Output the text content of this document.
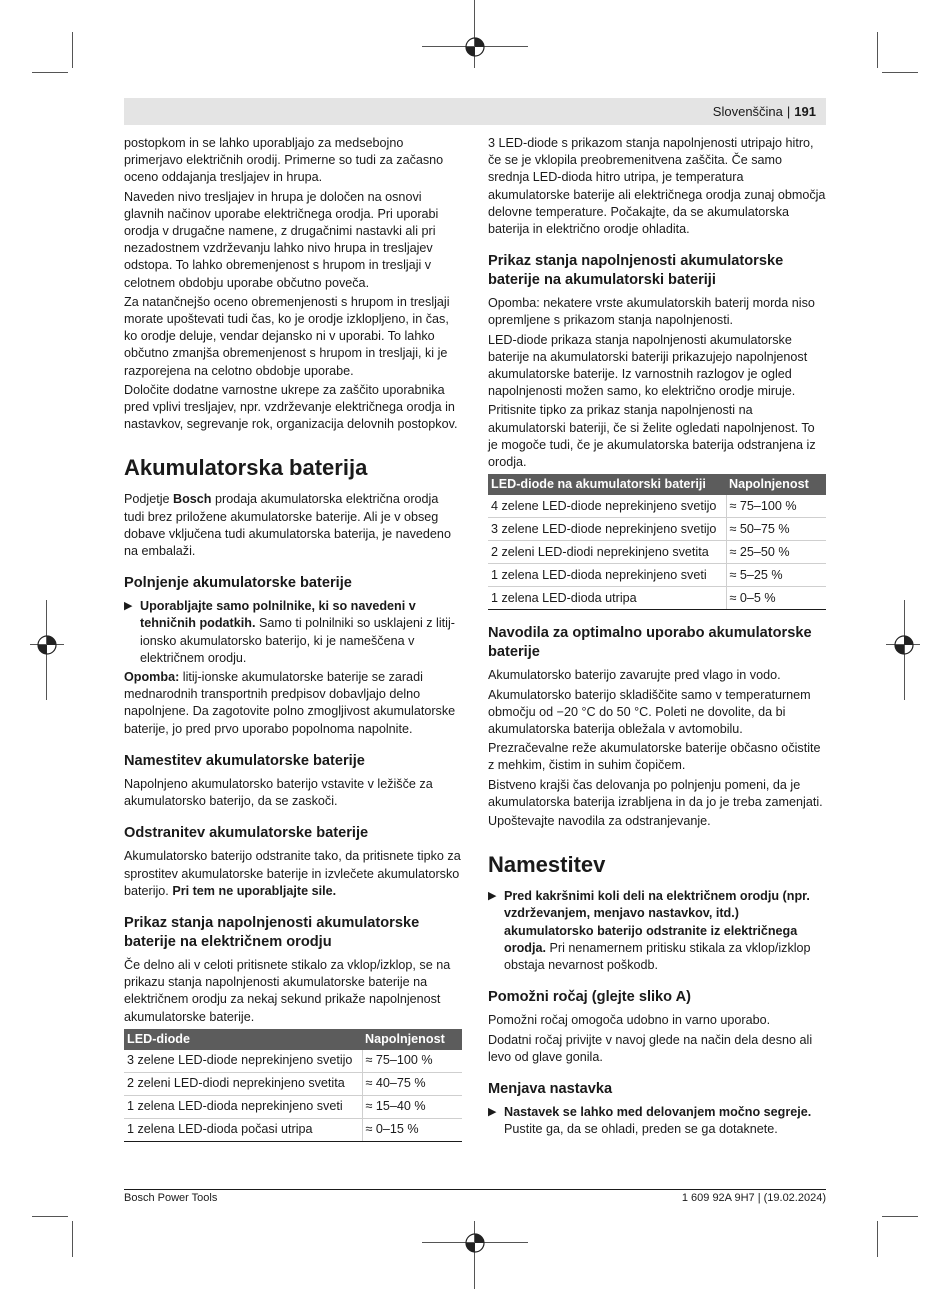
Slovenščina | 191

postopkom in se lahko uporabljajo za medsebojno primerjavo električnih orodij. Primerne so tudi za začasno oceno oddajanja tresljajev in hrupa.

Naveden nivo tresljajev in hrupa je določen na osnovi glavnih načinov uporabe električnega orodja. Pri uporabi orodja v drugačne namene, z drugačnimi nastavki ali pri nezadostnem vzdrževanju lahko nivo hrupa in tresljajev odstopa. To lahko obremenjenost s hrupom in tresljaji v celotnem obdobju uporabe občutno poveča.

Za natančnejšo oceno obremenjenosti s hrupom in tresljaji morate upoštevati tudi čas, ko je orodje izklopljeno, in čas, ko orodje deluje, vendar dejansko ni v uporabi. To lahko občutno zmanjša obremenjenost s hrupom in tresljaji, ki je razporejena na celotno obdobje uporabe.

Določite dodatne varnostne ukrepe za zaščito uporabnika pred vplivi tresljajev, npr. vzdrževanje električnega orodja in nastavkov, segrevanje rok, organizacija delovnih postopkov.

Akumulatorska baterija

Podjetje Bosch prodaja akumulatorska električna orodja tudi brez priložene akumulatorske baterije. Ali je v obseg dobave vključena tudi akumulatorska baterija, je navedeno na embalaži.

Polnjenje akumulatorske baterije
▶ Uporabljajte samo polnilnike, ki so navedeni v tehničnih podatkih. Samo ti polnilniki so usklajeni z litij-ionsko akumulatorsko baterijo, ki je nameščena v električnem orodju.

Opomba: litij-ionske akumulatorske baterije se zaradi mednarodnih transportnih predpisov dobavljajo delno napolnjene. Da zagotovite polno zmogljivost akumulatorske baterije, jo pred prvo uporabo popolnoma napolnite.

Namestitev akumulatorske baterije

Napolnjeno akumulatorsko baterijo vstavite v ležišče za akumulatorsko baterijo, da se zaskoči.

Odstranitev akumulatorske baterije

Akumulatorsko baterijo odstranite tako, da pritisnete tipko za sprostitev akumulatorske baterije in izvlečete akumulatorsko baterijo. Pri tem ne uporabljajte sile.

Prikaz stanja napolnjenosti akumulatorske baterije na električnem orodju

Če delno ali v celoti pritisnete stikalo za vklop/izklop, se na prikazu stanja napolnjenosti akumulatorske baterije na električnem orodju za nekaj sekund prikaže napolnjenost akumulatorske baterije.

LED-diode	Napolnjenost
3 zelene LED-diode neprekinjeno svetijo	≈ 75–100 %
2 zeleni LED-diodi neprekinjeno svetita	≈ 40–75 %
1 zelena LED-dioda neprekinjeno sveti	≈ 15–40 %
1 zelena LED-dioda počasi utripa	≈ 0–15 %

3 LED-diode s prikazom stanja napolnjenosti utripajo hitro, če se je vklopila preobremenitvena zaščita. Če samo srednja LED-dioda hitro utripa, je temperatura akumulatorske baterije ali električnega orodja zunaj območja delovne temperature. Počakajte, da se akumulatorska baterija in električno orodje ohladita.

Prikaz stanja napolnjenosti akumulatorske baterije na akumulatorski bateriji

Opomba: nekatere vrste akumulatorskih baterij morda niso opremljene s prikazom stanja napolnjenosti.

LED-diode prikaza stanja napolnjenosti akumulatorske baterije na akumulatorski bateriji prikazujejo napolnjenost akumulatorske baterije. Iz varnostnih razlogov je ogled napolnjenosti možen samo, ko električno orodje miruje.

Pritisnite tipko za prikaz stanja napolnjenosti na akumulatorski bateriji, če si želite ogledati napolnjenost. To je mogoče tudi, če je akumulatorska baterija odstranjena iz orodja.

LED-diode na akumulatorski bateriji	Napolnjenost
4 zelene LED-diode neprekinjeno svetijo	≈ 75–100 %
3 zelene LED-diode neprekinjeno svetijo	≈ 50–75 %
2 zeleni LED-diodi neprekinjeno svetita	≈ 25–50 %
1 zelena LED-dioda neprekinjeno sveti	≈ 5–25 %
1 zelena LED-dioda utripa	≈ 0–5 %
Navodila za optimalno uporabo akumulatorske baterije

Akumulatorsko baterijo zavarujte pred vlago in vodo.

Akumulatorsko baterijo skladiščite samo v temperaturnem območju od −20 °C do 50 °C. Poleti ne dovolite, da bi akumulatorska baterija obležala v avtomobilu.

Prezračevalne reže akumulatorske baterije občasno očistite z mehkim, čistim in suhim čopičem.

Bistveno krajši čas delovanja po polnjenju pomeni, da je akumulatorska baterija izrabljena in da jo je treba zamenjati.

Upoštevajte navodila za odstranjevanje.

Namestitev
▶ Pred kakršnimi koli deli na električnem orodju (npr. vzdrževanjem, menjavo nastavkov, itd.) akumulatorsko baterijo odstranite iz električnega orodja. Pri nenamernem pritisku stikala za vklop/izklop obstaja nevarnost poškodb.
Pomožni ročaj (glejte sliko A)

Pomožni ročaj omogoča udobno in varno uporabo.

Dodatni ročaj privijte v navoj glede na način dela desno ali levo od glave gonila.

Menjava nastavka
▶ Nastavek se lahko med delovanjem močno segreje. Pustite ga, da se ohladi, preden se ga dotaknete.
Bosch Power Tools	1 609 92A 9H7 | (19.02.2024)
